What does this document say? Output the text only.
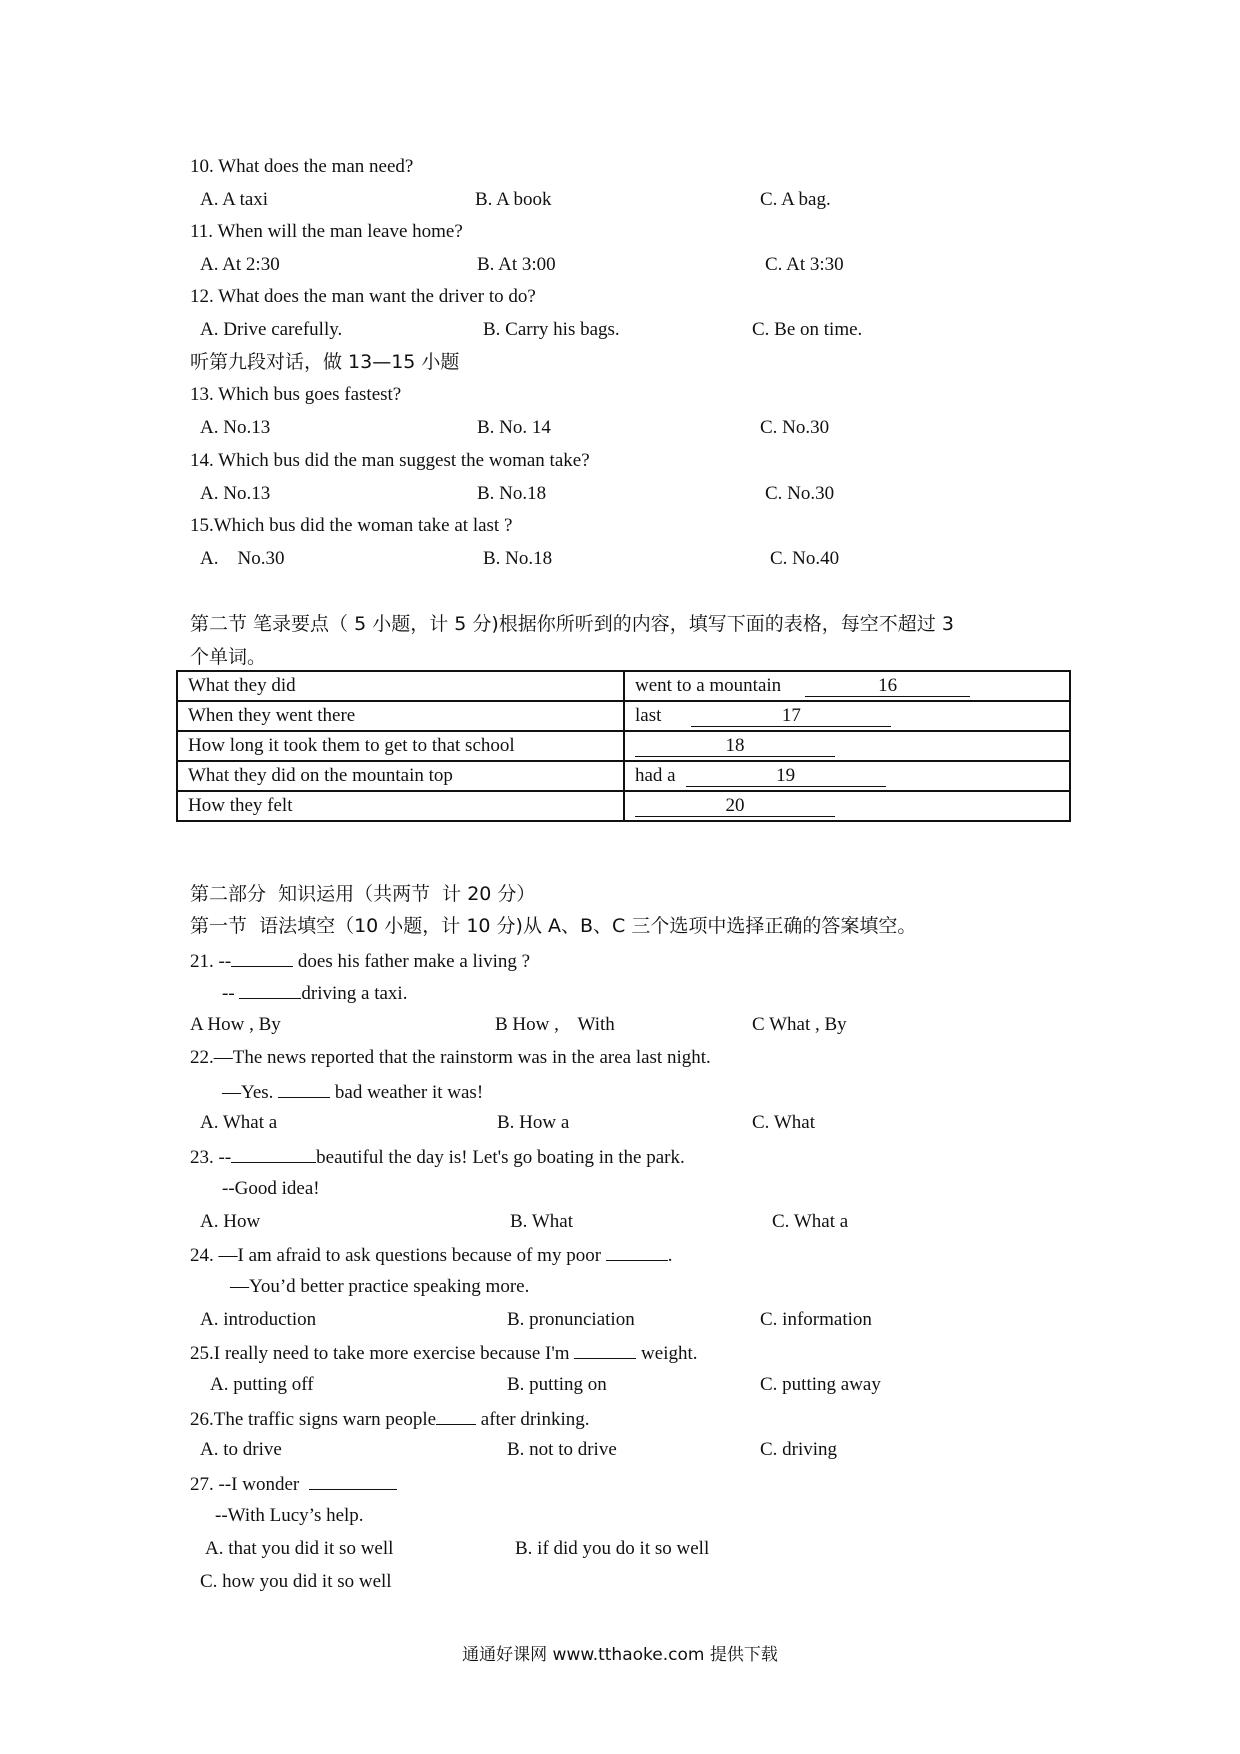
10. What does the man need?
A. A taxi	B. A book	C. A bag.
11. When will the man leave home?
A. At 2:30	B. At 3:00	C. At 3:30
12. What does the man want the driver to do?
A. Drive carefully.	B. Carry his bags.	C. Be on time.
听第九段对话，做 13—15 小题
13. Which bus goes fastest?
A. No.13	B. No. 14	C. No.30
14. Which bus did the man suggest the woman take?
A. No.13	B. No.18	C. No.30
15.Which bus did the woman take at last ?
A.    No.30	B. No.18	C. No.40
第二节 笔录要点（ 5 小题，计 5 分)根据你所听到的内容，填写下面的表格，每空不超过 3
个单词。
What they did	went to a mountain 16
When they went there	last 17
How long it took them to get to that school	18
What they did on the mountain top	had a 19
How they felt	20
第二部分  知识运用（共两节  计 20 分）
第一节  语法填空（10 小题，计 10 分)从 A、B、C 三个选项中选择正确的答案填空。
21. --	does his father make a living ?
--	driving a taxi.
A How , By	B How ,    With	C What , By
22.—The news reported that the rainstorm was in the area last night.
—Yes.	bad weather it was!
A. What a	B. How a	C. What
23. --	beautiful the day is! Let's go boating in the park.
--Good idea!
A. How	B. What	C. What a
24. —I am afraid to ask questions because of my poor	.
—You’d better practice speaking more.
A. introduction	B. pronunciation	C. information
25.I really need to take more exercise because I'm	weight.
A. putting off	B. putting on	C. putting away
26.The traffic signs warn people after drinking.
A. to drive	B. not to drive	C. driving
27. --I wonder
--With Lucy’s help.
A. that you did it so well	B. if did you do it so well
C. how you did it so well
通通好课网 www.tthaoke.com 提供下载
